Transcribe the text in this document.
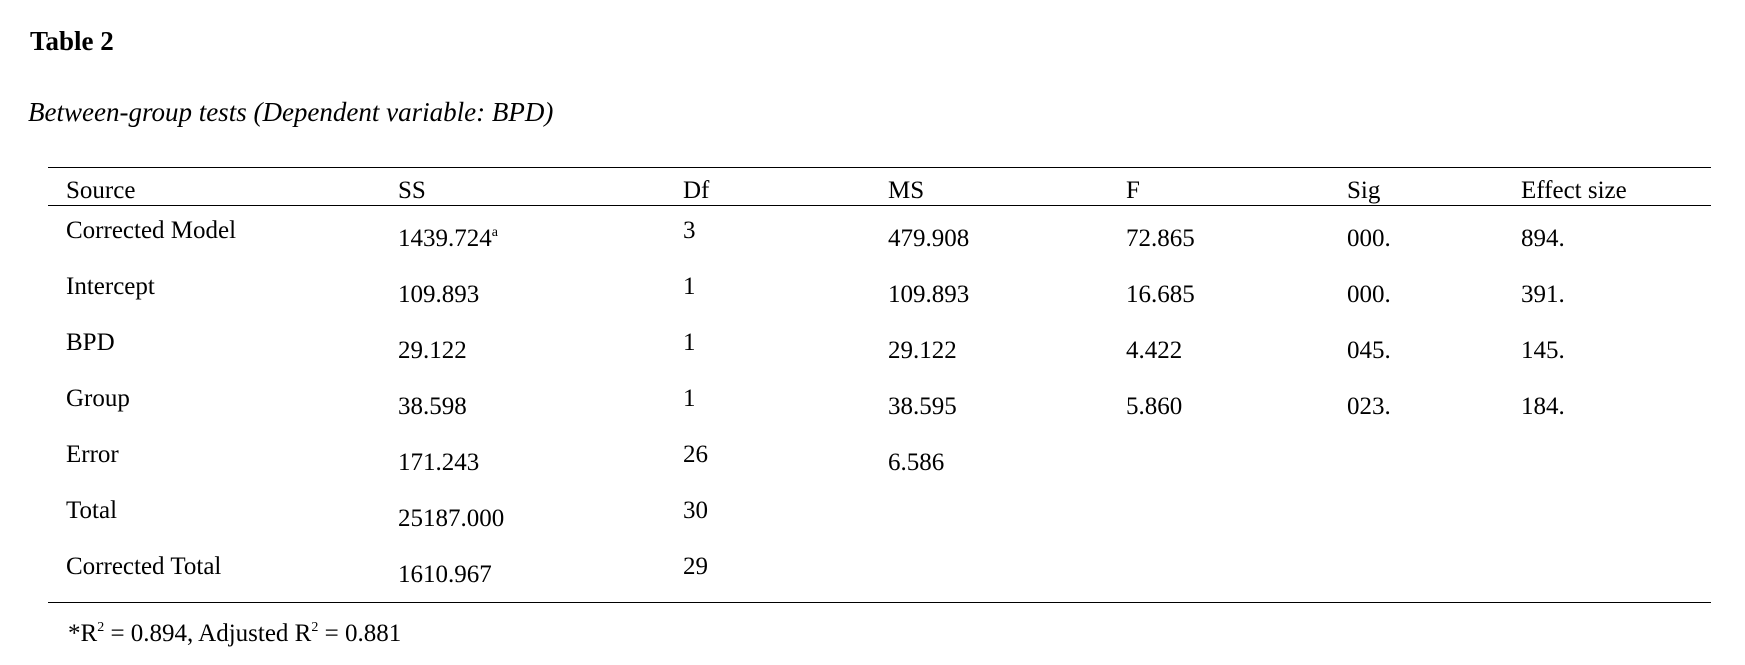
Table 2
Between-group tests (Dependent variable: BPD)
Source	SS	Df	MS	F	Sig	Effect size
Corrected Model	1439.724$^a$	3	479.908	72.865	000.	894.
Intercept	109.893	1	109.893	16.685	000.	391.
BPD	29.122	1	29.122	4.422	045.	145.
Group	38.598	1	38.595	5.860	023.	184.
Error	171.243	26	6.586
Total	25187.000	30
Corrected Total	1610.967	29
$*R^2 = 0.894$, Adjusted $R^2 = 0.881$
